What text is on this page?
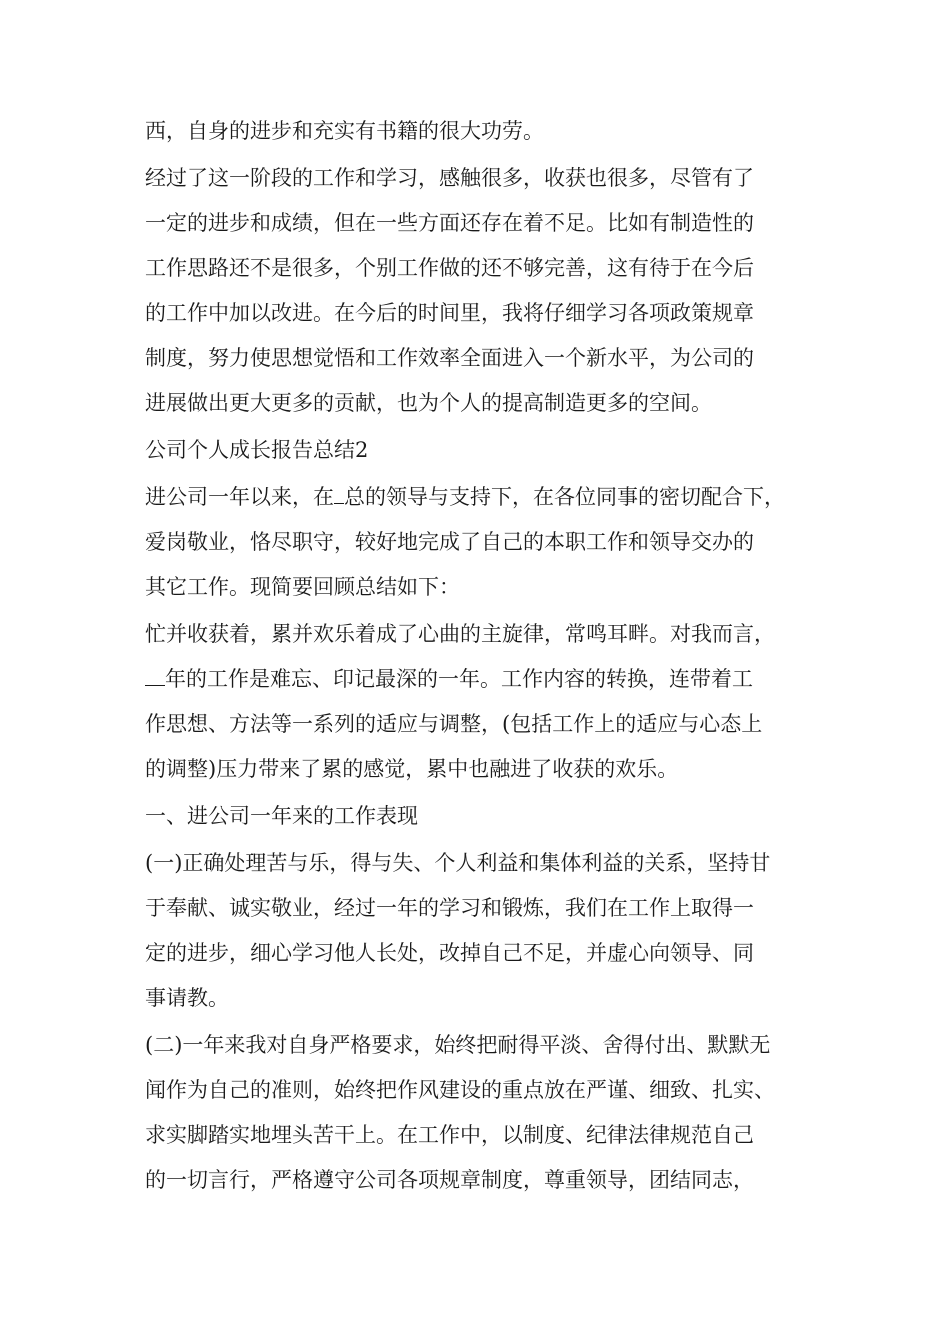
西，自身的进步和充实有书籍的很大功劳。
经过了这一阶段的工作和学习，感触很多，收获也很多，尽管有了
一定的进步和成绩，但在一些方面还存在着不足。比如有制造性的
工作思路还不是很多，个别工作做的还不够完善，这有待于在今后
的工作中加以改进。在今后的时间里，我将仔细学习各项政策规章
制度，努力使思想觉悟和工作效率全面进入一个新水平，为公司的
进展做出更大更多的贡献，也为个人的提高制造更多的空间。
公司个人成长报告总结2
进公司一年以来，在 总的领导与支持下，在各位同事的密切配合下，
爱岗敬业，恪尽职守，较好地完成了自己的本职工作和领导交办的
其它工作。现简要回顾总结如下：
忙并收获着，累并欢乐着成了心曲的主旋律，常鸣耳畔。对我而言，
年的工作是难忘、印记最深的一年。工作内容的转换，连带着工
作思想、方法等一系列的适应与调整，(包括工作上的适应与心态上
的调整)压力带来了累的感觉，累中也融进了收获的欢乐。
一、进公司一年来的工作表现
(一)正确处理苦与乐，得与失、个人利益和集体利益的关系，坚持甘
于奉献、诚实敬业，经过一年的学习和锻炼，我们在工作上取得一
定的进步，细心学习他人长处，改掉自己不足，并虚心向领导、同
事请教。
(二)一年来我对自身严格要求，始终把耐得平淡、舍得付出、默默无
闻作为自己的准则，始终把作风建设的重点放在严谨、细致、扎实、
求实脚踏实地埋头苦干上。在工作中，以制度、纪律法律规范自己
的一切言行，严格遵守公司各项规章制度，尊重领导，团结同志，
